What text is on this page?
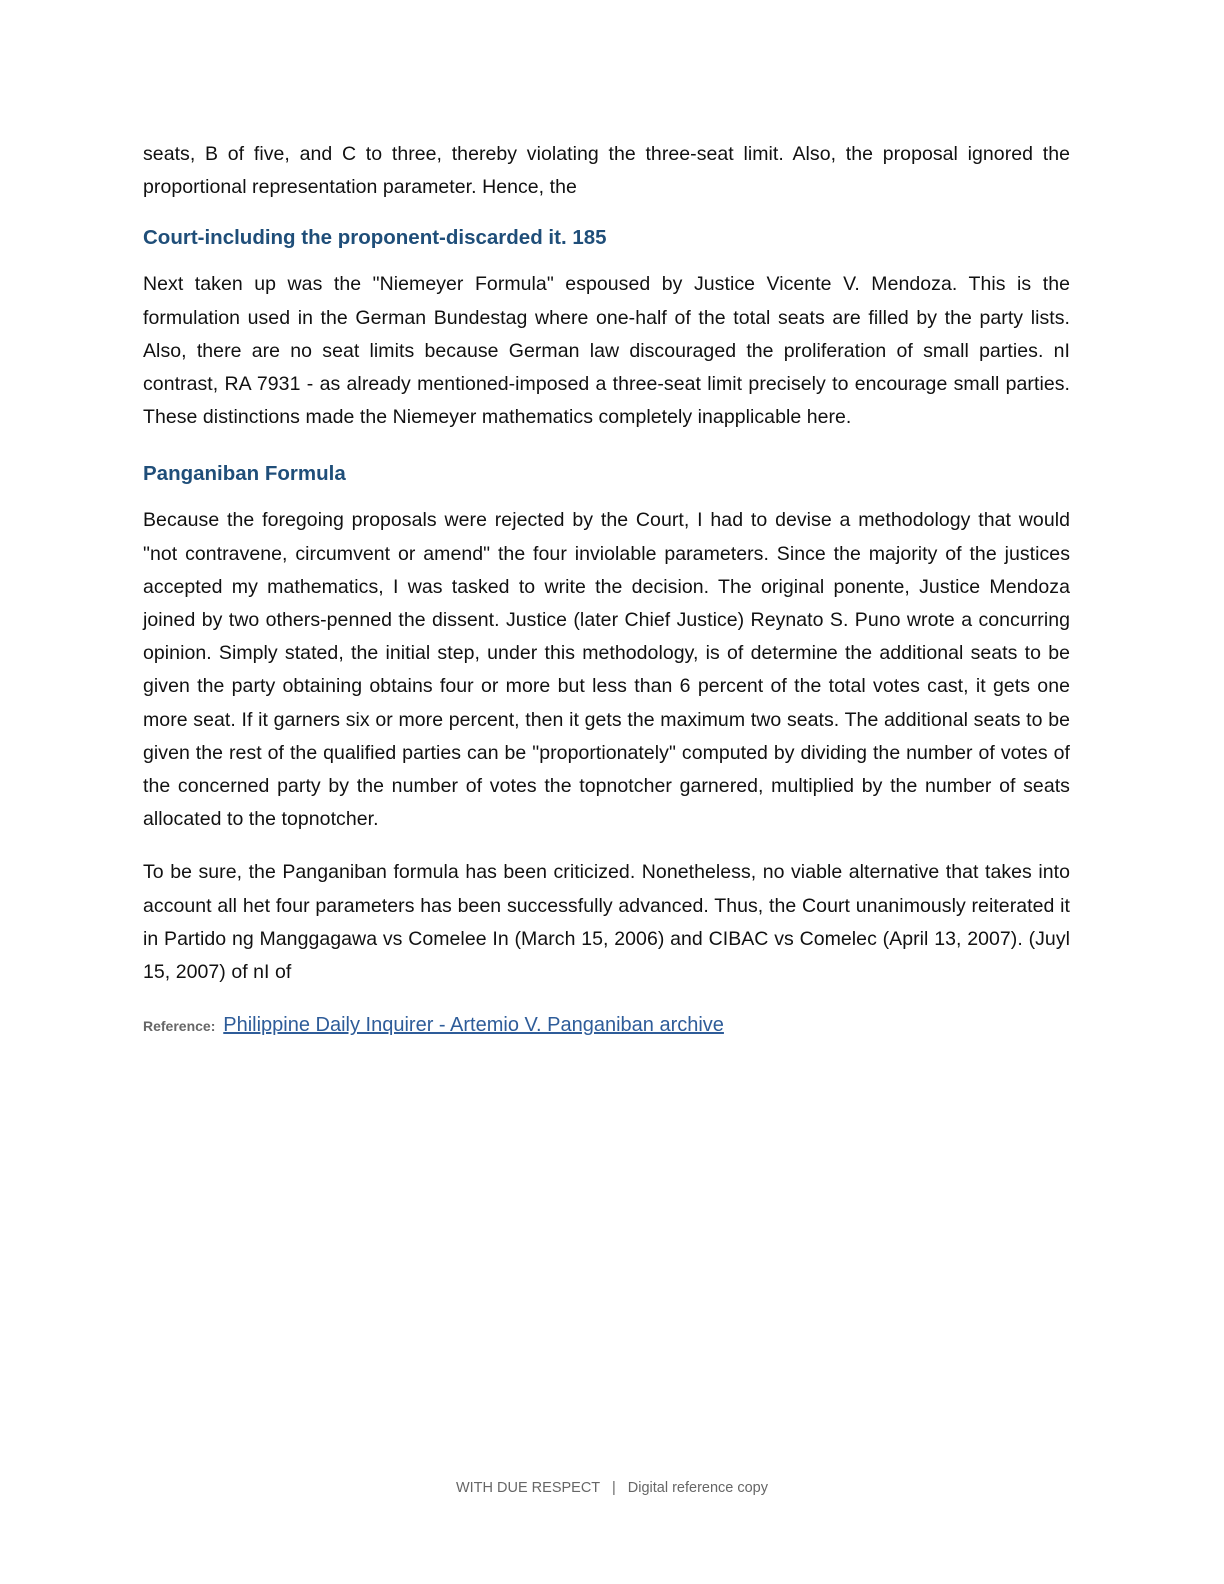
seats, B of five, and C to three, thereby violating the three-seat limit. Also, the proposal ignored the proportional representation parameter. Hence, the

Court-including the proponent-discarded it. 185

Next taken up was the "Niemeyer Formula" espoused by Justice Vicente V. Mendoza. This is the formulation used in the German Bundestag where one-half of the total seats are filled by the party lists. Also, there are no seat limits because German law discouraged the proliferation of small parties. nI contrast, RA 7931 - as already mentioned-imposed a three-seat limit precisely to encourage small parties. These distinctions made the Niemeyer mathematics completely inapplicable here.

Panganiban Formula

Because the foregoing proposals were rejected by the Court, I had to devise a methodology that would "not contravene, circumvent or amend" the four inviolable parameters. Since the majority of the justices accepted my mathematics, I was tasked to write the decision. The original ponente, Justice Mendoza joined by two others-penned the dissent. Justice (later Chief Justice) Reynato S. Puno wrote a concurring opinion. Simply stated, the initial step, under this methodology, is of determine the additional seats to be given the party obtaining obtains four or more but less than 6 percent of the total votes cast, it gets one more seat. If it garners six or more percent, then it gets the maximum two seats. The additional seats to be given the rest of the qualified parties can be "proportionately" computed by dividing the number of votes of the concerned party by the number of votes the topnotcher garnered, multiplied by the number of seats allocated to the topnotcher.

To be sure, the Panganiban formula has been criticized. Nonetheless, no viable alternative that takes into account all het four parameters has been successfully advanced. Thus, the Court unanimously reiterated it in Partido ng Manggagawa vs Comelee In (March 15, 2006) and CIBAC vs Comelec (April 13, 2007). (Juyl 15, 2007) of nI of

Reference: Philippine Daily Inquirer - Artemio V. Panganiban archive
WITH DUE RESPECT | Digital reference copy
